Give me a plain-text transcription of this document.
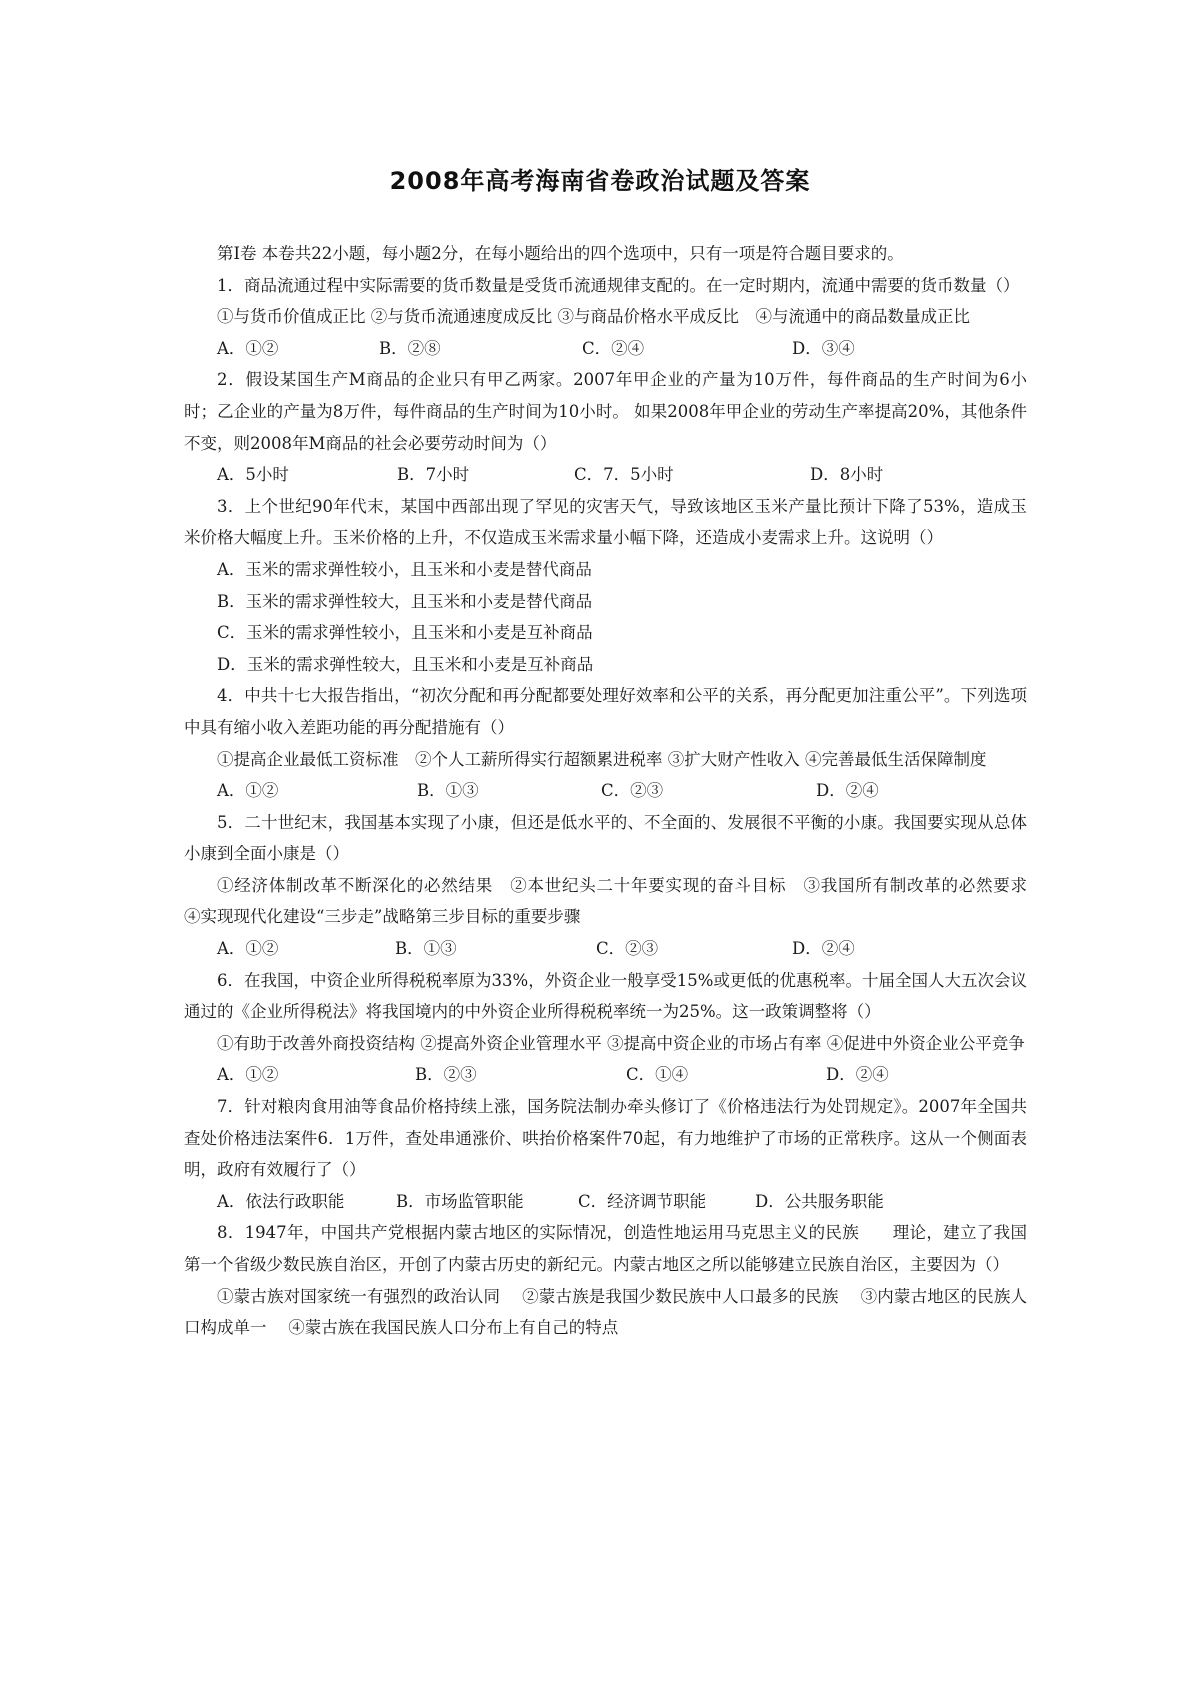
2008年高考海南省卷政治试题及答案

第Ⅰ卷 本卷共22小题，每小题2分，在每小题给出的四个选项中，只有一项是符合题目要求的。

1．商品流通过程中实际需要的货币数量是受货币流通规律支配的。在一定时期内，流通中需要的货币数量（）

①与货币价值成正比 ②与货币流通速度成反比 ③与商品价格水平成反比　④与流通中的商品数量成正比

A．①②	B．②⑧	C．②④	D．③④

2．假设某国生产M商品的企业只有甲乙两家。2007年甲企业的产量为10万件，每件商品的生产时间为6小时；乙企业的产量为8万件，每件商品的生产时间为10小时。 如果2008年甲企业的劳动生产率提高20%，其他条件不变，则2008年M商品的社会必要劳动时间为（）

A．5小时	B．7小时	C．7．5小时	D．8小时

3．上个世纪90年代末，某国中西部出现了罕见的灾害天气，导致该地区玉米产量比预计下降了53%，造成玉米价格大幅度上升。玉米价格的上升，不仅造成玉米需求量小幅下降，还造成小麦需求上升。这说明（）

A．玉米的需求弹性较小，且玉米和小麦是替代商品

B．玉米的需求弹性较大，且玉米和小麦是替代商品

C．玉米的需求弹性较小，且玉米和小麦是互补商品

D．玉米的需求弹性较大，且玉米和小麦是互补商品

4．中共十七大报告指出，“初次分配和再分配都要处理好效率和公平的关系，再分配更加注重公平”。下列选项中具有缩小收入差距功能的再分配措施有（）

①提高企业最低工资标准　②个人工薪所得实行超额累进税率 ③扩大财产性收入 ④完善最低生活保障制度

A．①②	B．①③	C．②③	D．②④

5．二十世纪末，我国基本实现了小康，但还是低水平的、不全面的、发展很不平衡的小康。我国要实现从总体小康到全面小康是（）

①经济体制改革不断深化的必然结果　②本世纪头二十年要实现的奋斗目标　③我国所有制改革的必然要求　 ④实现现代化建设“三步走”战略第三步目标的重要步骤

A．①②	B．①③	C．②③	D．②④

6．在我国，中资企业所得税税率原为33%，外资企业一般享受15%或更低的优惠税率。十届全国人大五次会议通过的《企业所得税法》将我国境内的中外资企业所得税税率统一为25%。这一政策调整将（）

①有助于改善外商投资结构 ②提高外资企业管理水平 ③提高中资企业的市场占有率 ④促进中外资企业公平竞争

A．①②	B．②③	C．①④	D．②④

7．针对粮肉食用油等食品价格持续上涨，国务院法制办牵头修订了《价格违法行为处罚规定》。2007年全国共查处价格违法案件6．1万件，查处串通涨价、哄抬价格案件70起，有力地维护了市场的正常秩序。这从一个侧面表明，政府有效履行了（）

A．依法行政职能	B．市场监管职能	C．经济调节职能	D．公共服务职能

8．1947年，中国共产党根据内蒙古地区的实际情况，创造性地运用马克思主义的民族　　理论，建立了我国第一个省级少数民族自治区，开创了内蒙古历史的新纪元。内蒙古地区之所以能够建立民族自治区，主要因为（）

①蒙古族对国家统一有强烈的政治认同　 ②蒙古族是我国少数民族中人口最多的民族　 ③内蒙古地区的民族人口构成单一　 ④蒙古族在我国民族人口分布上有自己的特点
